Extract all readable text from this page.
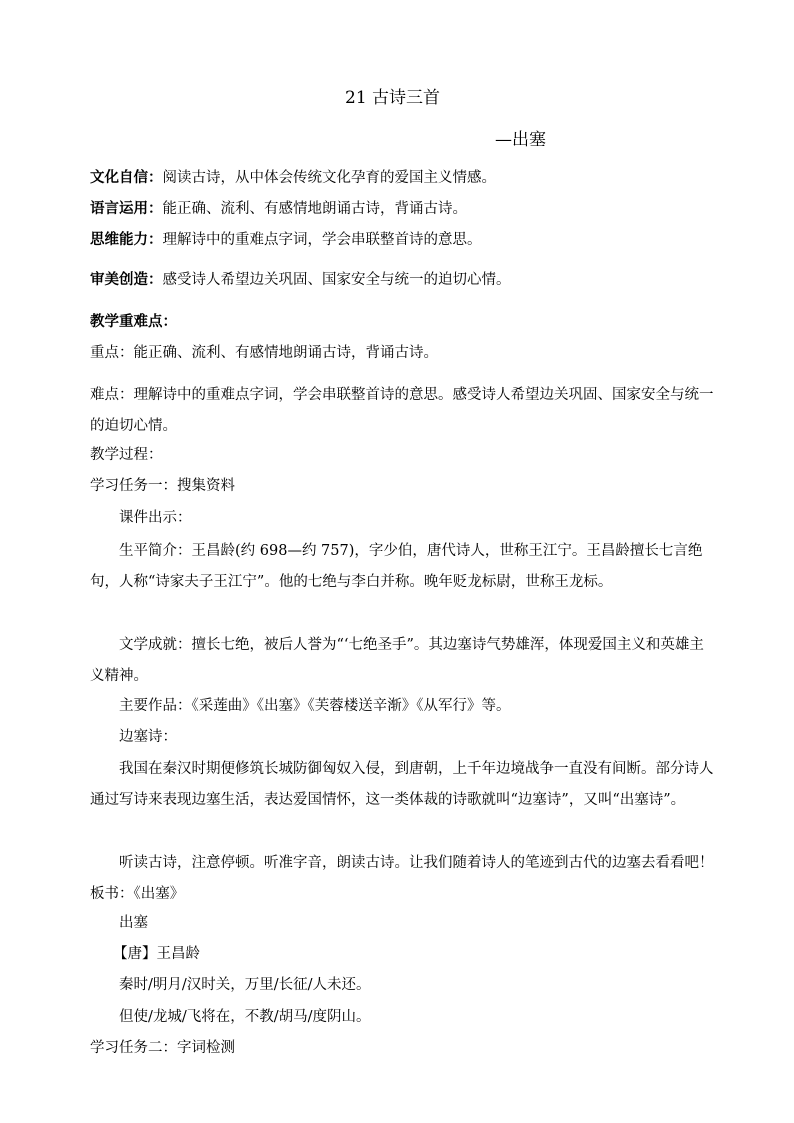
21 古诗三首
—出塞
文化自信：阅读古诗，从中体会传统文化孕育的爱国主义情感。
语言运用：能正确、流利、有感情地朗诵古诗，背诵古诗。
思维能力：理解诗中的重难点字词，学会串联整首诗的意思。
审美创造：感受诗人希望边关巩固、国家安全与统一的迫切心情。
教学重难点：
重点：能正确、流利、有感情地朗诵古诗，背诵古诗。
难点：理解诗中的重难点字词，学会串联整首诗的意思。感受诗人希望边关巩固、国家安全与统一的迫切心情。
教学过程：
学习任务一：搜集资料
课件出示：
生平简介：王昌龄(约 698—约 757)，字少伯，唐代诗人，世称王江宁。王昌龄擅长七言绝句，人称“诗家夫子王江宁”。他的七绝与李白并称。晚年贬龙标尉，世称王龙标。
文学成就：擅长七绝，被后人誉为“‘七绝圣手”。其边塞诗气势雄浑，体现爱国主义和英雄主义精神。
主要作品：《采莲曲》《出塞》《芙蓉楼送辛渐》《从军行》等。
边塞诗：
我国在秦汉时期便修筑长城防御匈奴入侵，到唐朝，上千年边境战争一直没有间断。部分诗人通过写诗来表现边塞生活，表达爱国情怀，这一类体裁的诗歌就叫“边塞诗”，又叫“出塞诗”。
听读古诗，注意停顿。听准字音，朗读古诗。让我们随着诗人的笔迹到古代的边塞去看看吧！板书：《出塞》
出塞
【唐】王昌龄
秦时/明月/汉时关，万里/长征/人未还。
但使/龙城/飞将在，不教/胡马/度阴山。
学习任务二：字词检测
